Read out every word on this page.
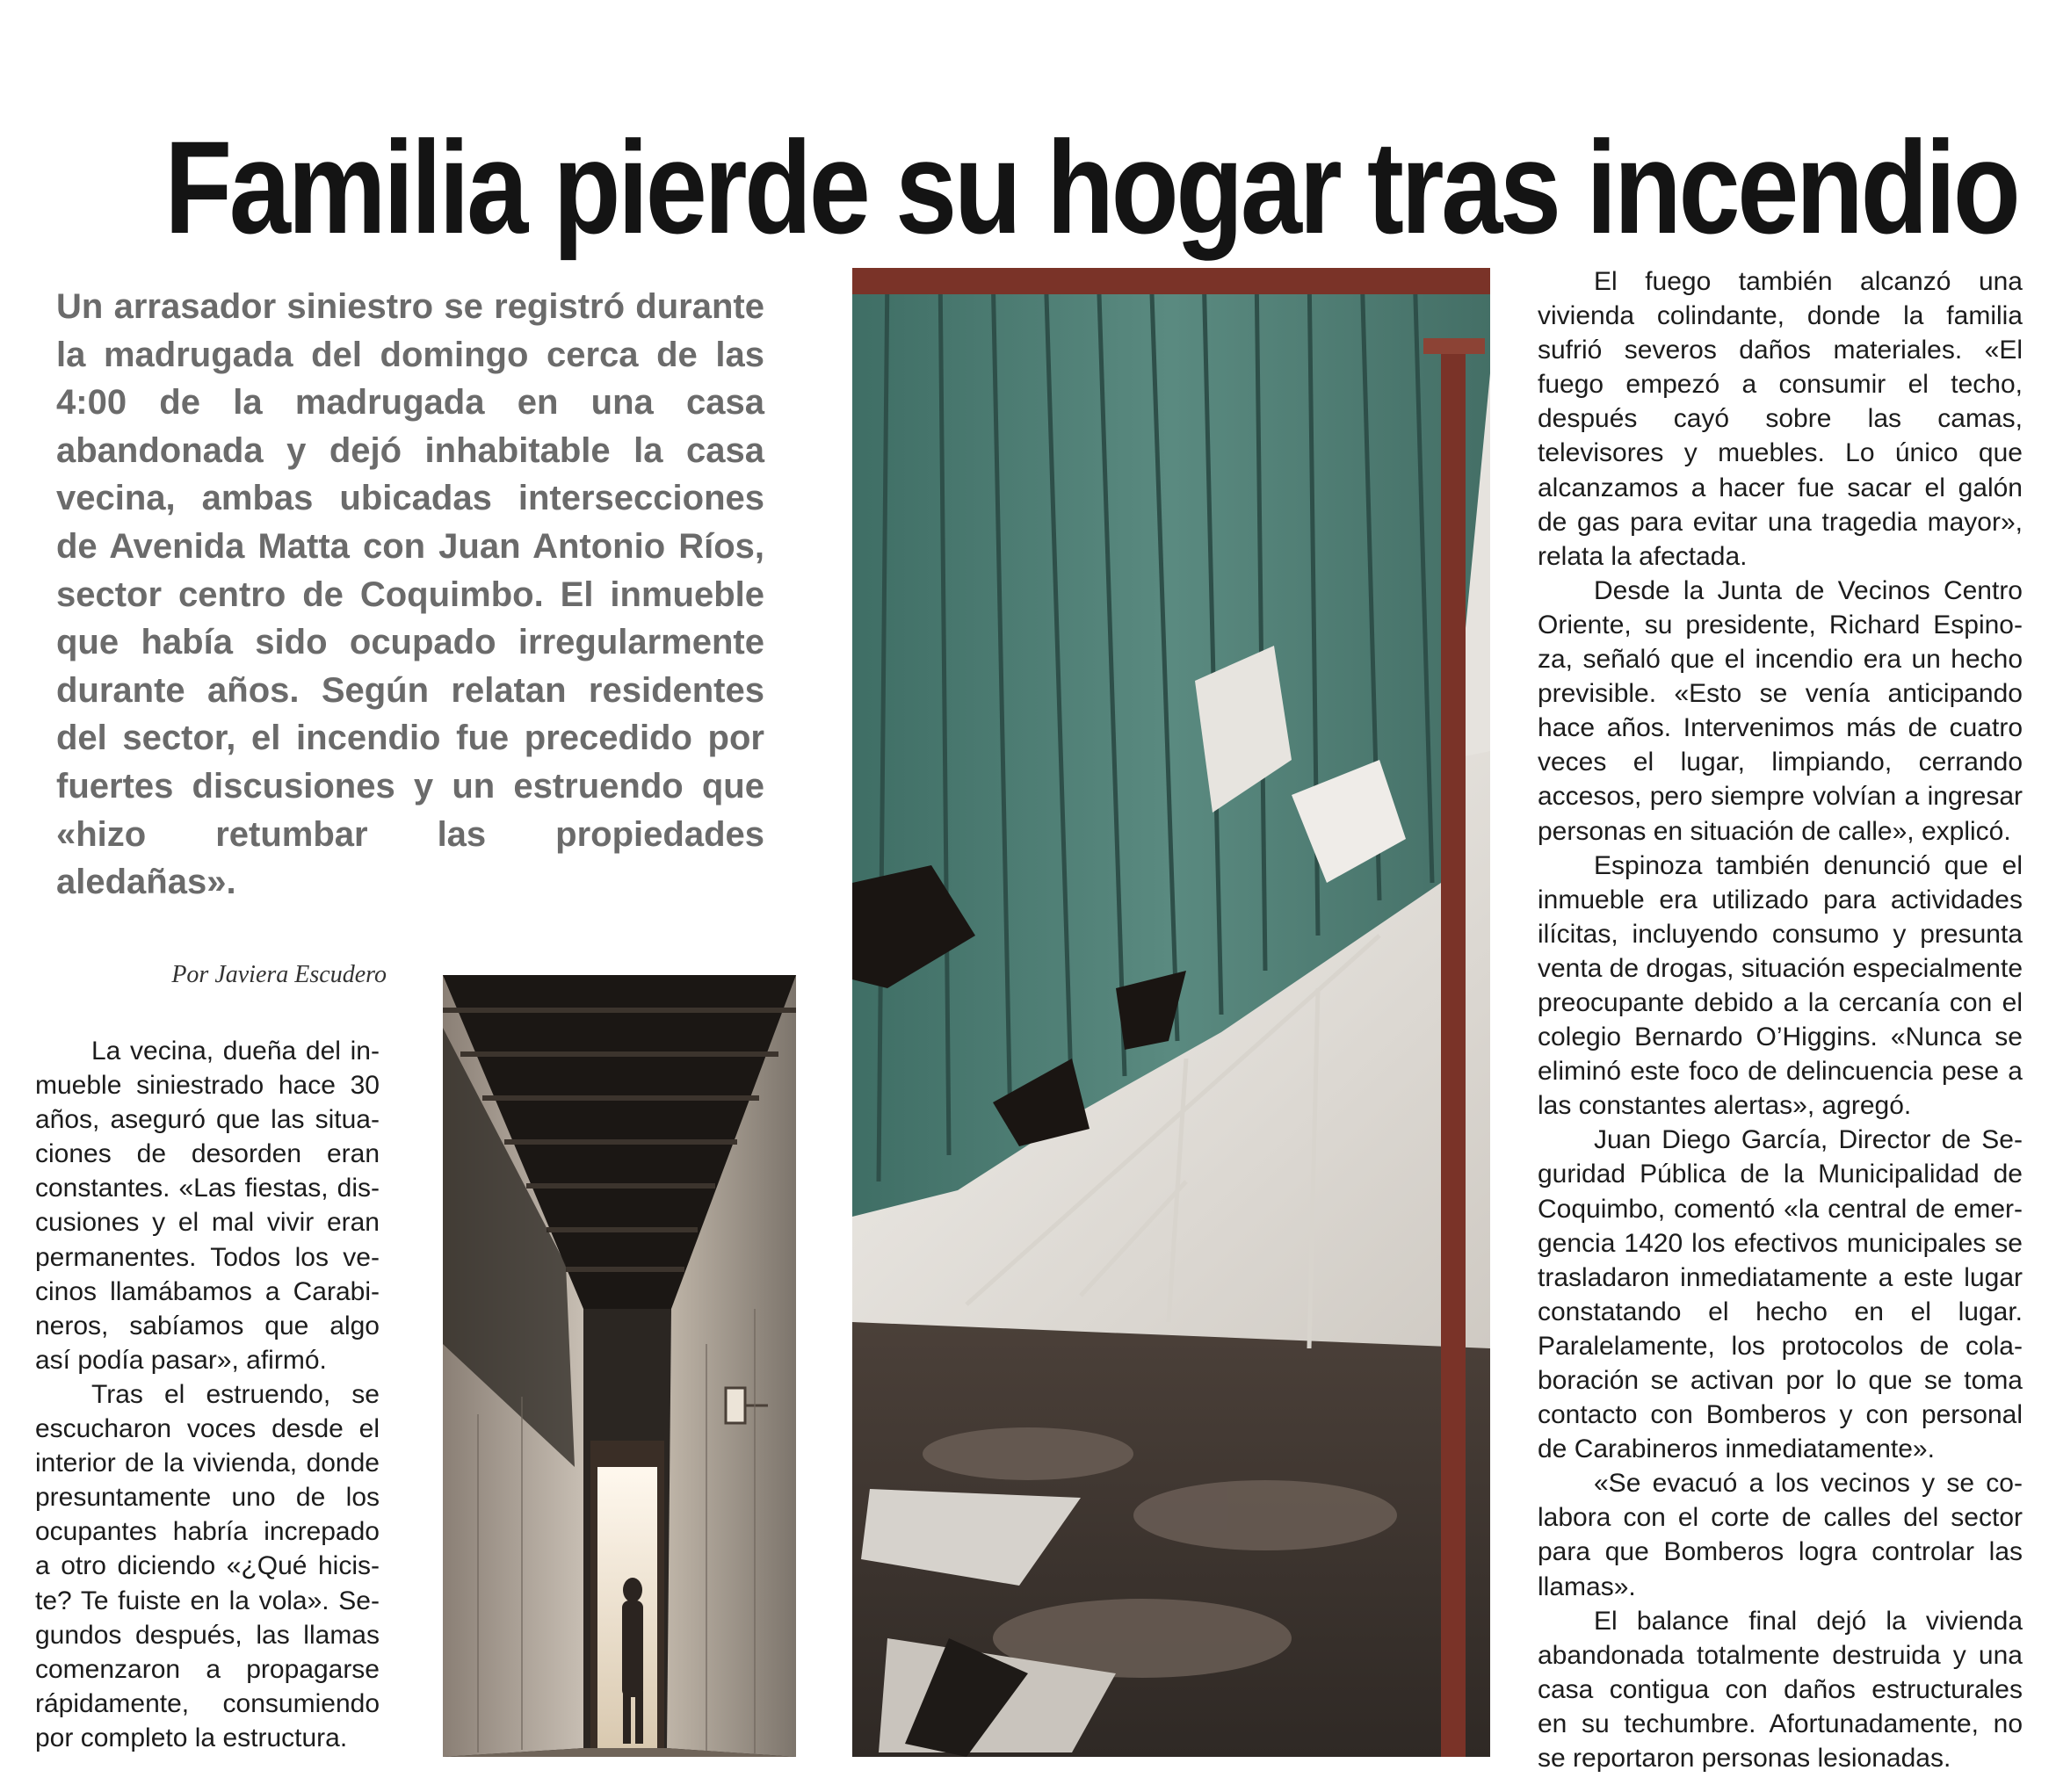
Familia pierde su hogar tras incendio
Un arrasador siniestro se registró durante la madrugada del domingo cerca de las 4:00 de la madrugada en una casa abandonada y dejó inhabitable la casa vecina, ambas ubicadas intersecciones de Avenida Matta con Juan Antonio Ríos, sector centro de Coquimbo. El inmueble que había sido ocupado irregularmente durante años. Según relatan residentes del sector, el incendio fue precedido por fuertes discusiones y un estruendo que «hizo retumbar las propiedades aledañas».
Por Javiera Escudero

La vecina, dueña del inmueble siniestrado hace 30 años, aseguró que las situaciones de desorden eran constantes. «Las fiestas, discusiones y el mal vivir eran permanentes. Todos los vecinos llamábamos a Carabineros, sabíamos que algo así podía pasar», afirmó.

Tras el estruendo, se escucharon voces desde el interior de la vivienda, donde presuntamente uno de los ocupantes habría increpado a otro diciendo «¿Qué hiciste? Te fuiste en la vola». Segundos después, las llamas comenzaron a propagarse rápidamente, consumiendo por completo la estructura.

El fuego también alcanzó una vivienda colindante, donde la familia sufrió severos daños materiales. «El fuego empezó a consumir el techo, después cayó sobre las camas, televisores y muebles. Lo único que alcanzamos a hacer fue sacar el galón de gas para evitar una tragedia mayor», relata la afectada.

Desde la Junta de Vecinos Centro Oriente, su presidente, Richard Espinoza, señaló que el incendio era un hecho previsible. «Esto se venía anticipando hace años. Intervenimos más de cuatro veces el lugar, limpiando, cerrando accesos, pero siempre volvían a ingresar personas en situación de calle», explicó.

Espinoza también denunció que el inmueble era utilizado para actividades ilícitas, incluyendo consumo y presunta venta de drogas, situación especialmente preocupante debido a la cercanía con el colegio Bernardo O’Higgins. «Nunca se eliminó este foco de delincuencia pese a las constantes alertas», agregó.

Juan Diego García, Director de Seguridad Pública de la Municipalidad de Coquimbo, comentó «la central de emergencia 1420 los efectivos municipales se trasladaron inmediatamente a este lugar constatando el hecho en el lugar. Paralelamente, los protocolos de colaboración se activan por lo que se toma contacto con Bomberos y con personal de Carabineros inmediatamente».

«Se evacuó a los vecinos y se colabora con el corte de calles del sector para que Bomberos logra controlar las llamas».

El balance final dejó la vivienda abandonada totalmente destruida y una casa contigua con daños estructurales en su techumbre. Afortunadamente, no se reportaron personas lesionadas.
